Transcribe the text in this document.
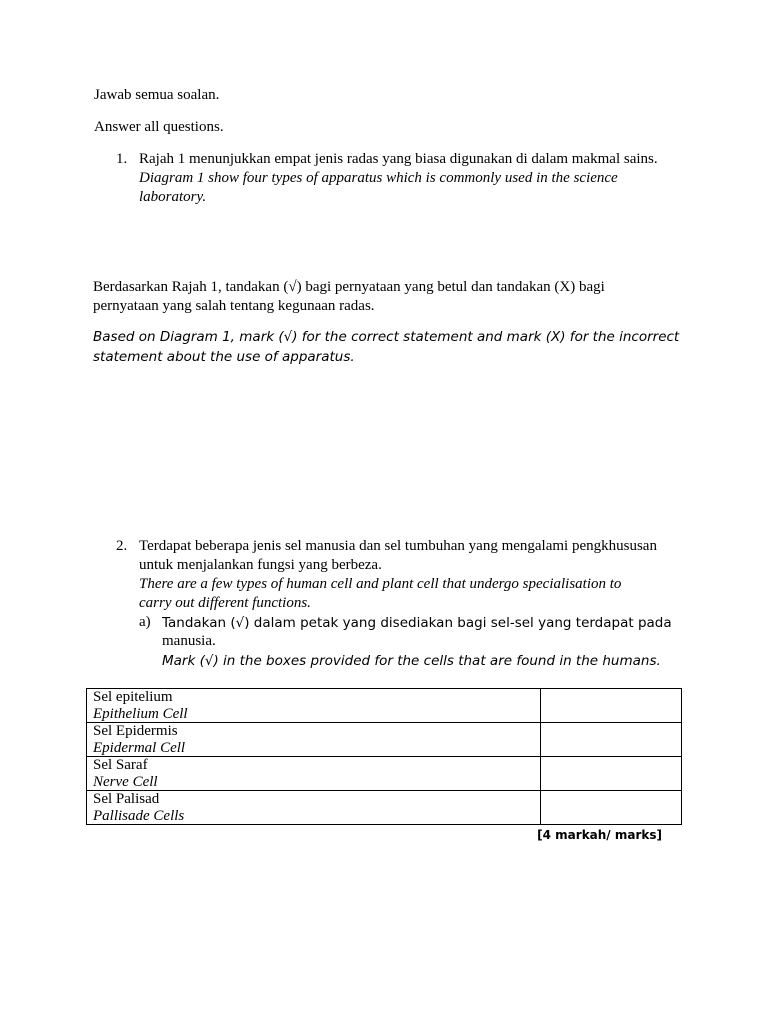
Jawab semua soalan.
Answer all questions.
1. Rajah 1 menunjukkan empat jenis radas yang biasa digunakan di dalam makmal sains.
Diagram 1 show four types of apparatus which is commonly used in the science
laboratory.
Berdasarkan Rajah 1, tandakan (√) bagi pernyataan yang betul dan tandakan (X) bagi
pernyataan yang salah tentang kegunaan radas.
Based on Diagram 1, mark (√) for the correct statement and mark (X) for the incorrect
statement about the use of apparatus.
2. Terdapat beberapa jenis sel manusia dan sel tumbuhan yang mengalami pengkhususan
untuk menjalankan fungsi yang berbeza.
There are a few types of human cell and plant cell that undergo specialisation to
carry out different functions.
a) Tandakan (√) dalam petak yang disediakan bagi sel-sel yang terdapat pada
manusia.
Mark (√) in the boxes provided for the cells that are found in the humans.
Sel epitelium
Epithelium Cell	

Sel Epidermis
Epidermal Cell	

Sel Saraf
Nerve Cell	

Sel Palisad
Pallisade Cells	

[4 markah/ marks]
